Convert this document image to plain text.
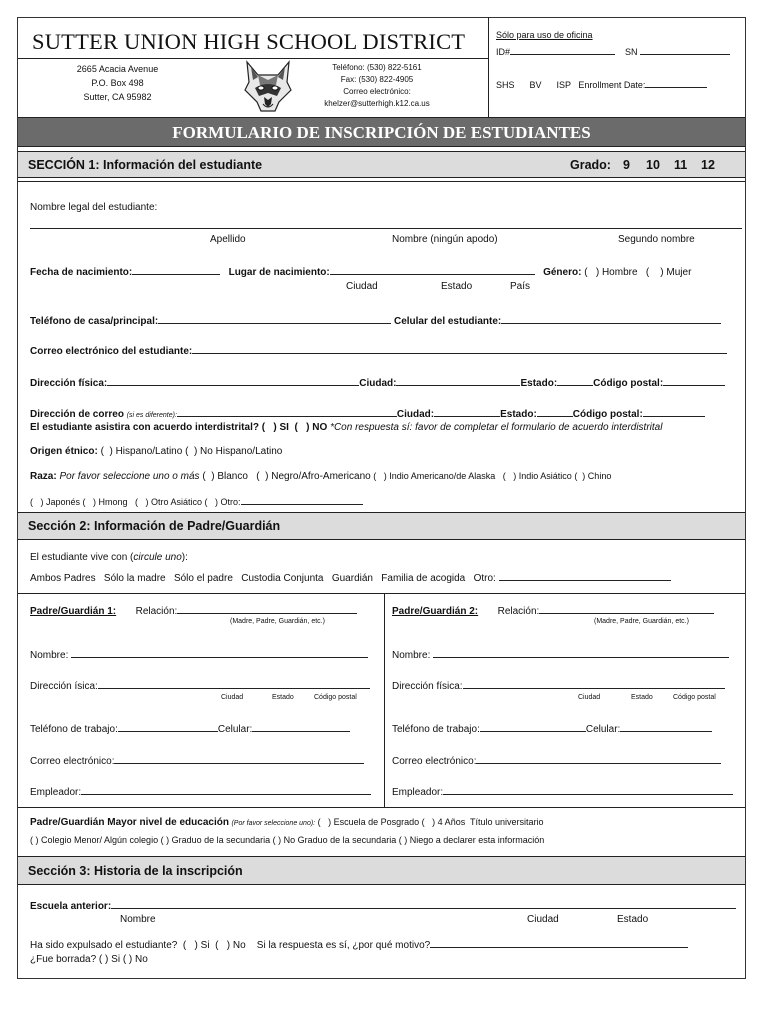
SUTTER UNION HIGH SCHOOL DISTRICT
2665 Acacia Avenue
P.O. Box 498
Sutter, CA 95982
Teléfono: (530) 822-5161
Fax: (530) 822-4905
Correo electrónico:
khelzer@sutterhigh.k12.ca.us
Sólo para uso de oficina
ID#	SN
SHS      BV      ISP   Enrollment Date:
FORMULARIO DE INSCRIPCIÓN DE ESTUDIANTES
SECCIÓN 1: Información del estudiante	Grado: 9 10 11 12
Nombre legal del estudiante:
Apellido	Nombre (ningún apodo)	Segundo nombre
Fecha de nacimiento:	Lugar de nacimiento:	Género: (   ) Hombre   (    ) Mujer
Ciudad	Estado	País
Teléfono de casa/principal:	Celular del estudiante:
Correo electrónico del estudiante:
Dirección física:	Ciudad:	Estado:	Código postal:
Dirección de correo (si es diferente):	Ciudad:	Estado:	Código postal:
El estudiante asistira con acuerdo interdistrital? (   ) SI  (   ) NO *Con respuesta sí: favor de completar el formulario de acuerdo interdistrital
Origen étnico: (  ) Hispano/Latino (  ) No Hispano/Latino
Raza: Por favor seleccione uno o más (  ) Blanco   (  ) Negro/Afro-Americano (   ) Indio Americano/de Alaska   (   ) Indio Asiático (  ) Chino
(   ) Japonés (   ) Hmong   (   ) Otro Asiático (   ) Otro:
Sección 2: Información de Padre/Guardián
El estudiante vive con (circule uno):
Ambos Padres   Sólo la madre   Sólo el padre   Custodia Conjunta   Guardián   Familia de acogida   Otro:
Padre/Guardián 1: Relación:
(Madre, Padre, Guardián, etc.)
Nombre:
Dirección ísica:
Ciudad	Estado	Código postal
Teléfono de trabajo:	Celular:
Correo electrónico:
Empleador:
Padre/Guardián 2: Relación:
(Madre, Padre, Guardián, etc.)
Nombre:
Dirección física:
Ciudad	Estado	Código postal
Teléfono de trabajo:	Celular:
Correo electrónico:
Empleador:
Padre/Guardián Mayor nivel de educación (Por favor seleccione uno): (   ) Escuela de Posgrado (   ) 4 Años  Título universitario
( ) Colegio Menor/ Algún colegio ( ) Graduo de la secundaria ( ) No Graduo de la secundaria ( ) Niego a declarer esta información
Sección 3: Historia de la inscripción
Escuela anterior:
Nombre	Ciudad	Estado
Ha sido expulsado el estudiante?  (   ) Si  (   ) No    Si la respuesta es sí, ¿por qué motivo?
¿Fue borrada? ( ) Si ( ) No
